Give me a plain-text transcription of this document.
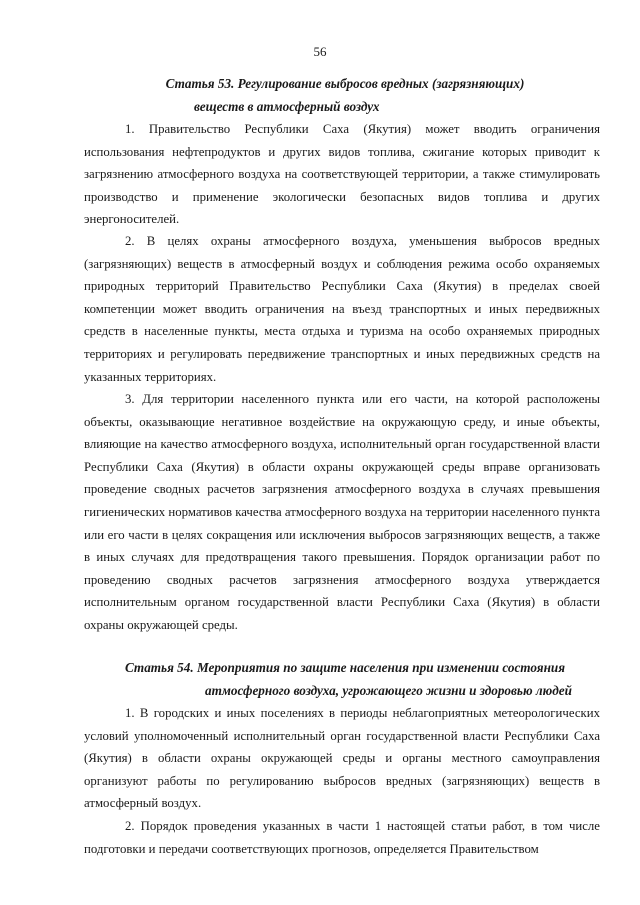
56
Статья 53. Регулирование выбросов вредных (загрязняющих)
веществ в атмосферный воздух

1. Правительство Республики Саха (Якутия) может вводить ограничения использования нефтепродуктов и других видов топлива, сжигание которых приводит к загрязнению атмосферного воздуха на соответствующей территории, а также стимулировать производство и применение экологически безопасных видов топлива и других энергоносителей.

2. В целях охраны атмосферного воздуха, уменьшения выбросов вредных (загрязняющих) веществ в атмосферный воздух и соблюдения режима особо охраняемых природных территорий Правительство Республики Саха (Якутия) в пределах своей компетенции может вводить ограничения на въезд транспортных и иных передвижных средств в населенные пункты, места отдыха и туризма на особо охраняемых природных территориях и регулировать передвижение транспортных и иных передвижных средств на указанных территориях.

3. Для территории населенного пункта или его части, на которой расположены объекты, оказывающие негативное воздействие на окружающую среду, и иные объекты, влияющие на качество атмосферного воздуха, исполнительный орган государственной власти Республики Саха (Якутия) в области охраны окружающей среды вправе организовать проведение сводных расчетов загрязнения атмосферного воздуха в случаях превышения гигиенических нормативов качества атмосферного воздуха на территории населенного пункта или его части в целях сокращения или исключения выбросов загрязняющих веществ, а также в иных случаях для предотвращения такого превышения. Порядок организации работ по проведению сводных расчетов загрязнения атмосферного воздуха утверждается исполнительным органом государственной власти Республики Саха (Якутия) в области охраны окружающей среды.

Статья 54. Мероприятия по защите населения при изменении состояния
атмосферного воздуха, угрожающего жизни и здоровью людей

1. В городских и иных поселениях в периоды неблагоприятных метеорологических условий уполномоченный исполнительный орган государственной власти Республики Саха (Якутия) в области охраны окружающей среды и органы местного самоуправления организуют работы по регулированию выбросов вредных (загрязняющих) веществ в атмосферный воздух.

2. Порядок проведения указанных в части 1 настоящей статьи работ, в том числе подготовки и передачи соответствующих прогнозов, определяется Правительством
